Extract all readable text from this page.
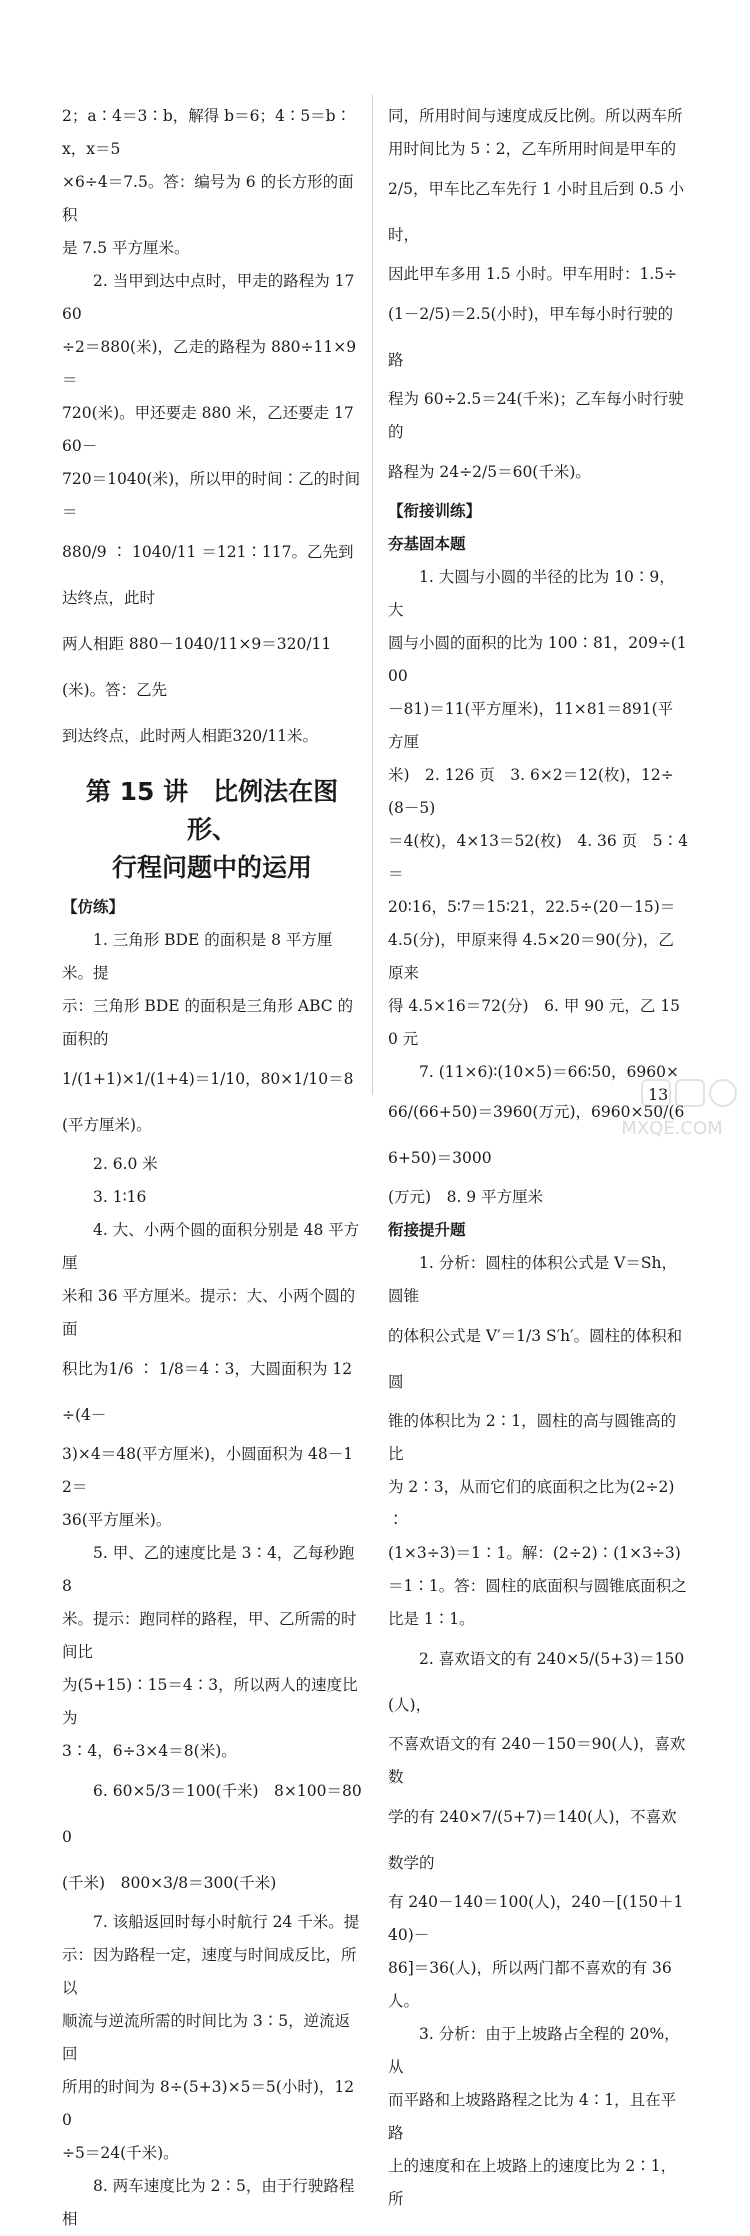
2；a∶4＝3∶b，解得 b＝6；4∶5＝b∶x，x＝5

×6÷4＝7.5。答：编号为 6 的长方形的面积

是 7.5 平方厘米。

2. 当甲到达中点时，甲走的路程为 1760

÷2＝880(米)，乙走的路程为 880÷11×9＝

720(米)。甲还要走 880 米，乙还要走 1760－

720＝1040(米)，所以甲的时间∶乙的时间＝

880/9 ∶ 1040/11 ＝121∶117。乙先到达终点，此时

两人相距 880－1040/11×9＝320/11(米)。答：乙先

到达终点，此时两人相距320/11米。

第 15 讲　比例法在图形、
行程问题中的运用

【仿练】

1. 三角形 BDE 的面积是 8 平方厘米。提

示：三角形 BDE 的面积是三角形 ABC 的面积的

1/(1+1)×1/(1+4)＝1/10，80×1/10＝8(平方厘米)。

2. 6.0 米

3. 1∶16

4. 大、小两个圆的面积分别是 48 平方厘

米和 36 平方厘米。提示：大、小两个圆的面

积比为1/6 ∶ 1/8＝4∶3，大圆面积为 12÷(4－

3)×4＝48(平方厘米)，小圆面积为 48－12＝

36(平方厘米)。

5. 甲、乙的速度比是 3∶4，乙每秒跑 8

米。提示：跑同样的路程，甲、乙所需的时间比

为(5+15)∶15＝4∶3，所以两人的速度比为

3∶4，6÷3×4＝8(米)。

6. 60×5/3＝100(千米)　8×100＝800

(千米)　800×3/8＝300(千米)

7. 该船返回时每小时航行 24 千米。提

示：因为路程一定，速度与时间成反比，所以

顺流与逆流所需的时间比为 3∶5，逆流返回

所用的时间为 8÷(5+3)×5＝5(小时)，120

÷5＝24(千米)。

8. 两车速度比为 2∶5，由于行驶路程相

同，所用时间与速度成反比例。所以两车所

用时间比为 5∶2，乙车所用时间是甲车的

2/5，甲车比乙车先行 1 小时且后到 0.5 小时，

因此甲车多用 1.5 小时。甲车用时：1.5÷

(1－2/5)＝2.5(小时)，甲车每小时行驶的路

程为 60÷2.5＝24(千米)；乙车每小时行驶的

路程为 24÷2/5＝60(千米)。

【衔接训练】

夯基固本题

1. 大圆与小圆的半径的比为 10∶9，大

圆与小圆的面积的比为 100∶81，209÷(100

－81)＝11(平方厘米)，11×81＝891(平方厘

米)　2. 126 页　3. 6×2＝12(枚)，12÷(8－5)

＝4(枚)，4×13＝52(枚)　4. 36 页　5∶4＝

20∶16，5∶7＝15∶21，22.5÷(20－15)＝

4.5(分)，甲原来得 4.5×20＝90(分)，乙原来

得 4.5×16＝72(分)　6. 甲 90 元，乙 150 元

7. (11×6)∶(10×5)＝66∶50，6960×

66/(66+50)＝3960(万元)，6960×50/(66+50)＝3000

(万元)　8. 9 平方厘米

衔接提升题

1. 分析：圆柱的体积公式是 V＝Sh，圆锥

的体积公式是 V′＝1/3 S′h′。圆柱的体积和圆

锥的体积比为 2∶1，圆柱的高与圆锥高的比

为 2∶3，从而它们的底面积之比为(2÷2)∶

(1×3÷3)＝1∶1。解：(2÷2)∶(1×3÷3)

＝1∶1。答：圆柱的底面积与圆锥底面积之

比是 1∶1。

2. 喜欢语文的有 240×5/(5+3)＝150(人)，

不喜欢语文的有 240－150＝90(人)，喜欢数

学的有 240×7/(5+7)＝140(人)，不喜欢数学的

有 240－140＝100(人)，240－[(150＋140)－

86]＝36(人)，所以两门都不喜欢的有 36 人。

3. 分析：由于上坡路占全程的 20%，从

而平路和上坡路路程之比为 4∶1，且在平路

上的速度和在上坡路上的速度比为 2∶1，所

13
MXQE.COM
